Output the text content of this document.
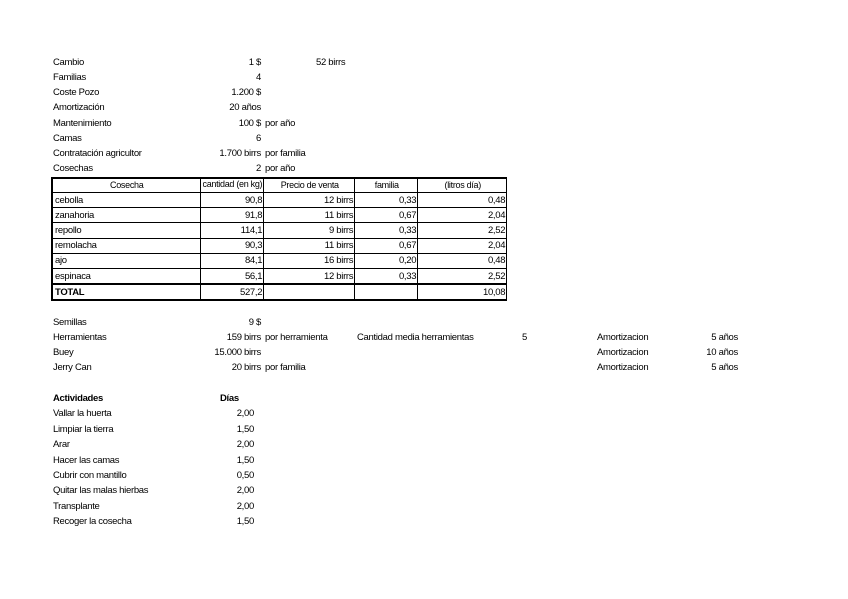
Cambio	1 $	52 birrs
Familias	4
Coste Pozo	1.200 $
Amortización	20 años
Mantenimiento	100 $ por año
Camas	6
Contratación agricultor	1.700 birrs por familia
Cosechas	2 por año
Cosecha	cantidad (en kg)	Precio de venta	familia	(litros día)
cebolla	90,8	12 birrs	0,33	0,48
zanahoria	91,8	11 birrs	0,67	2,04
repollo	114,1	9 birrs	0,33	2,52
remolacha	90,3	11 birrs	0,67	2,04
ajo	84,1	16 birrs	0,20	0,48
espinaca	56,1	12 birrs	0,33	2,52
TOTAL	527,2			10,08
Semillas	9 $
Herramientas	159 birrs por herramienta	Cantidad media herramientas	5	Amortizacion	5 años
Buey	15.000 birrs	Amortizacion	10 años
Jerry Can	20 birrs por familia	Amortizacion	5 años
Actividades	Días
Vallar la huerta	2,00
Limpiar la tierra	1,50
Arar	2,00
Hacer las camas	1,50
Cubrir con mantillo	0,50
Quitar las malas hierbas	2,00
Transplante	2,00
Recoger la cosecha	1,50
